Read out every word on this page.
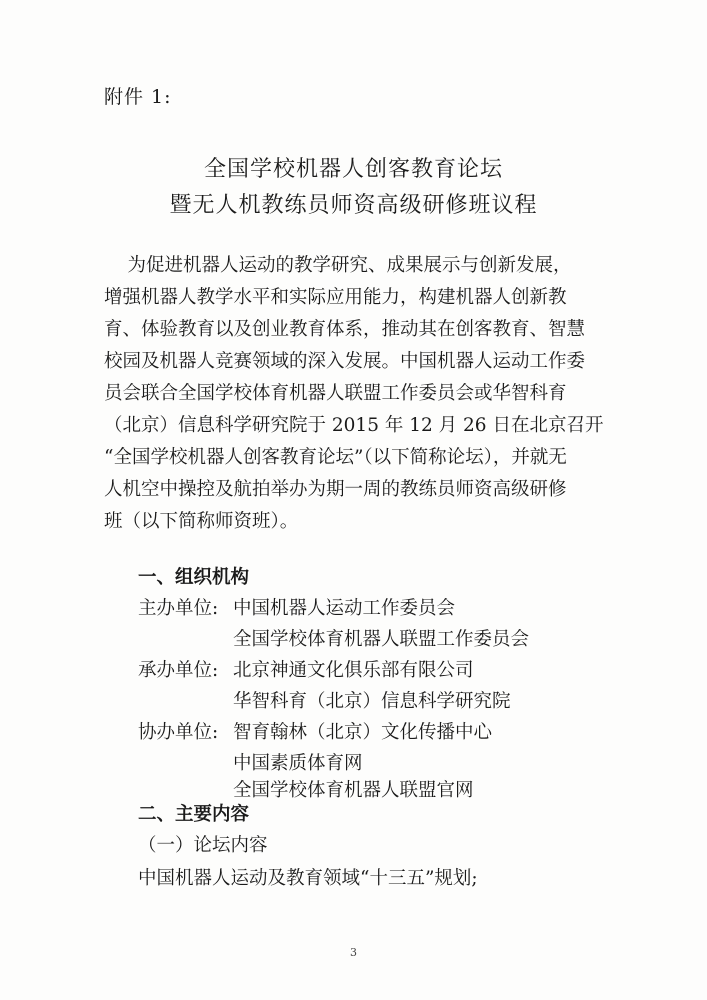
附件 1:
全国学校机器人创客教育论坛
暨无人机教练员师资高级研修班议程
为促进机器人运动的教学研究、成果展示与创新发展，
增强机器人教学水平和实际应用能力，构建机器人创新教
育、体验教育以及创业教育体系，推动其在创客教育、智慧
校园及机器人竞赛领域的深入发展。中国机器人运动工作委
员会联合全国学校体育机器人联盟工作委员会或华智科育
（北京）信息科学研究院于 2015 年 12 月 26 日在北京召开
“全国学校机器人创客教育论坛”（以下简称论坛），并就无
人机空中操控及航拍举办为期一周的教练员师资高级研修
班（以下简称师资班）。
一、组织机构
主办单位: 中国机器人运动工作委员会
全国学校体育机器人联盟工作委员会
承办单位: 北京神通文化俱乐部有限公司
华智科育（北京）信息科学研究院
协办单位: 智育翰林（北京）文化传播中心
中国素质体育网
全国学校体育机器人联盟官网
二、主要内容
（一）论坛内容
中国机器人运动及教育领域“十三五”规划;
3
